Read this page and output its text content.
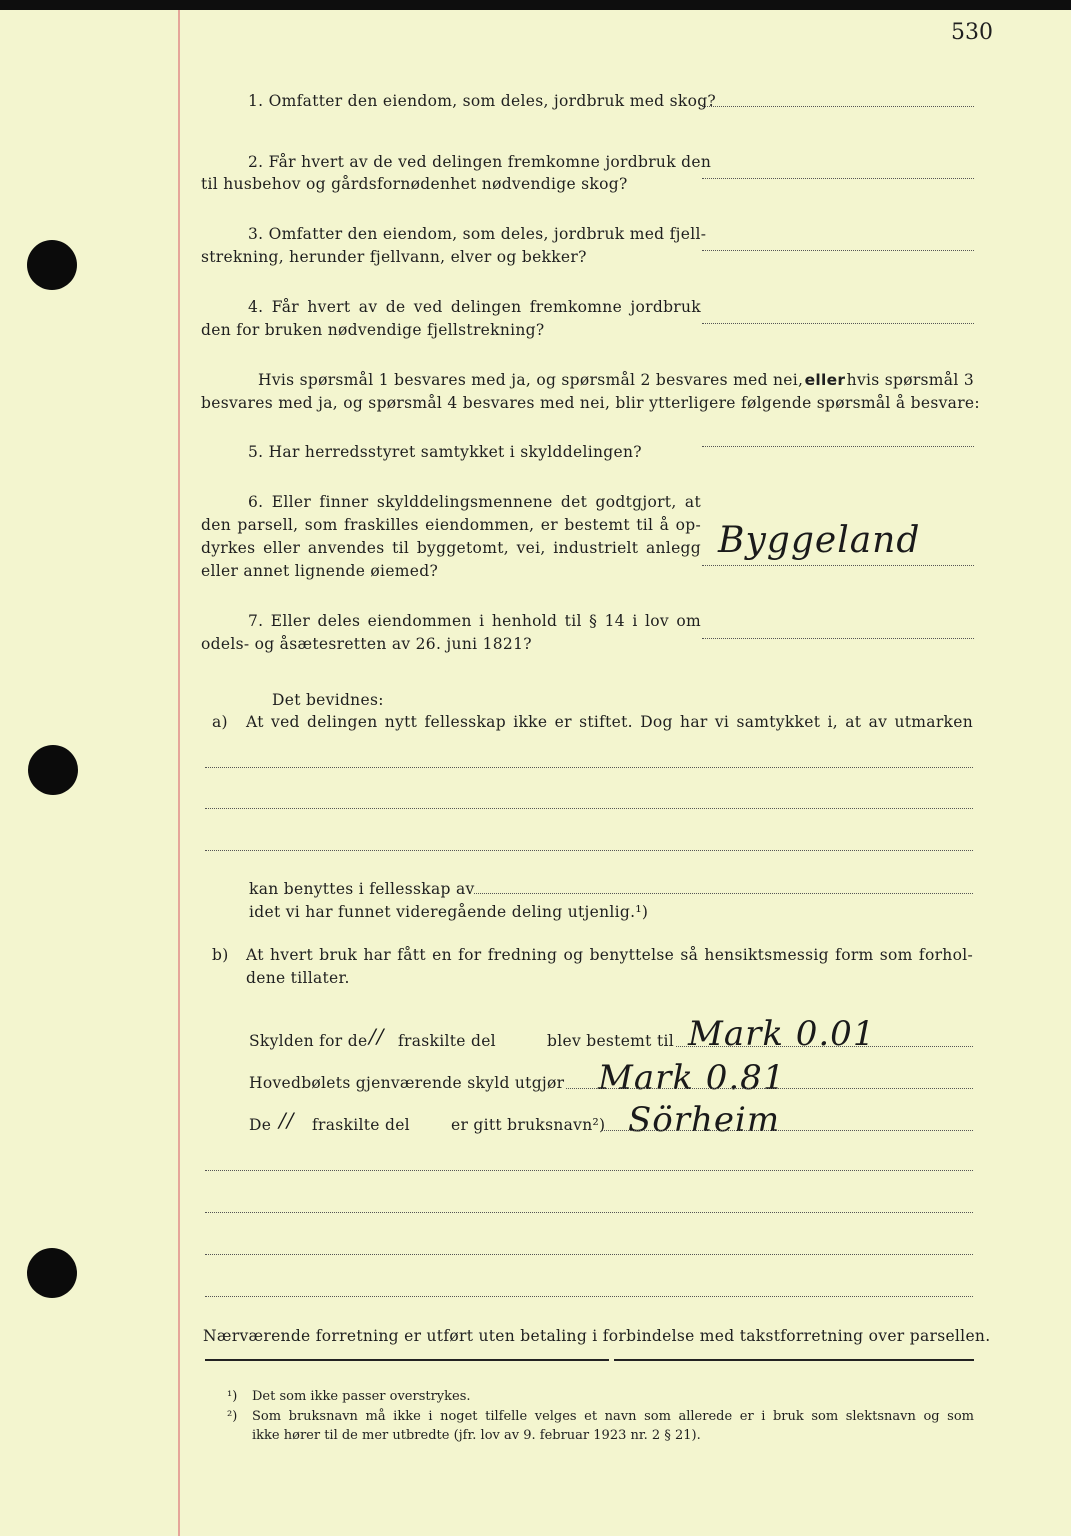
530
1. Omfatter den eiendom, som deles, jordbruk med skog?
2. Får hvert av de ved delingen fremkomne jordbruk den
til husbehov og gårdsfornødenhet nødvendige skog?
3. Omfatter den eiendom, som deles, jordbruk med fjell-
strekning, herunder fjellvann, elver og bekker?
4. Får hvert av de ved delingen fremkomne jordbruk
den for bruken nødvendige fjellstrekning?
Hvis spørsmål 1 besvares med ja, og spørsmål 2 besvares med nei, eller hvis spørsmål 3
besvares med ja, og spørsmål 4 besvares med nei, blir ytterligere følgende spørsmål å besvare:
5. Har herredsstyret samtykket i skylddelingen?
6. Eller finner skylddelingsmennene det godtgjort, at
den parsell, som fraskilles eiendommen, er bestemt til å op-
dyrkes eller anvendes til byggetomt, vei, industrielt anlegg
eller annet lignende øiemed?
Byggeland
7. Eller deles eiendommen i henhold til § 14 i lov om
odels- og åsætesretten av 26. juni 1821?
Det bevidnes:
a) At ved delingen nytt fellesskap ikke er stiftet. Dog har vi samtykket i, at av utmarken
kan benyttes i fellesskap av
idet vi har funnet videregående deling utjenlig.¹)
b) At hvert bruk har fått en for fredning og benyttelse så hensiktsmessig form som forhol-
dene tillater.
Skylden for de // fraskilte del	blev bestemt til Mark 0.01
Hovedbølets gjenværende skyld utgjør Mark 0.81
De // fraskilte del	er gitt bruksnavn²) Sörheim
Nærværende forretning er utført uten betaling i forbindelse med takstforretning over parsellen.
¹) Det som ikke passer overstrykes.
²) Som bruksnavn må ikke i noget tilfelle velges et navn som allerede er i bruk som slektsnavn og som
ikke hører til de mer utbredte (jfr. lov av 9. februar 1923 nr. 2 § 21).
